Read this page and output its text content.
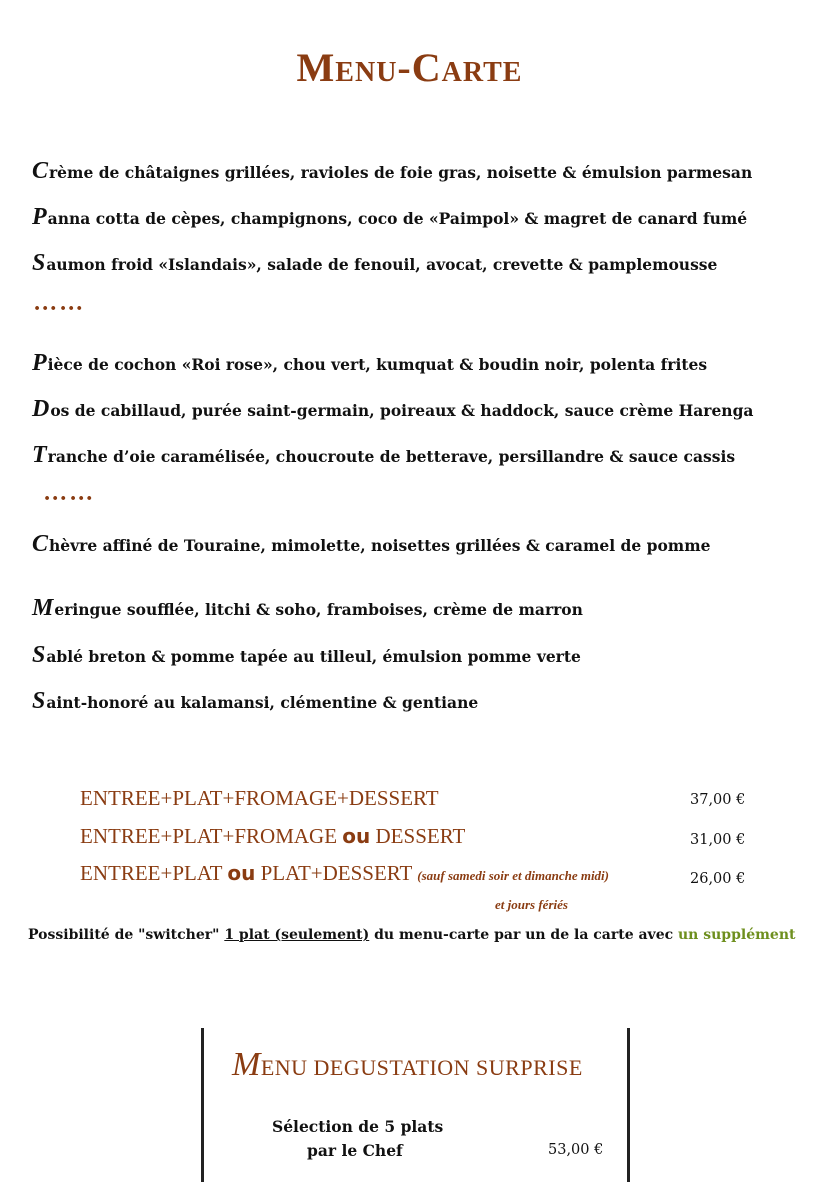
Menu-Carte
Crème de châtaignes grillées, ravioles de foie gras, noisette & émulsion parmesan
Panna cotta de cèpes, champignons, coco de «Paimpol» & magret de canard fumé
Saumon froid «Islandais», salade de fenouil, avocat, crevette & pamplemousse
……
Pièce de cochon «Roi rose», chou vert, kumquat & boudin noir, polenta frites
Dos de cabillaud, purée saint-germain, poireaux & haddock, sauce crème Harenga
Tranche d’oie caramélisée, choucroute de betterave, persillandre & sauce cassis
……
Chèvre affiné de Touraine, mimolette, noisettes grillées & caramel de pomme
Meringue soufflée, litchi & soho, framboises, crème de marron
Sablé breton & pomme tapée au tilleul, émulsion pomme verte
Saint-honoré au kalamansi, clémentine & gentiane
ENTREE+PLAT+FROMAGE+DESSERT	37,00 €
ENTREE+PLAT+FROMAGE ou DESSERT	31,00 €
ENTREE+PLAT ou PLAT+DESSERT (sauf samedi soir et dimanche midi)	26,00 €
et jours fériés
Possibilité de "switcher" 1 plat (seulement) du menu-carte par un de la carte avec un supplément
MENU DEGUSTATION SURPRISE
Sélection de 5 plats
par le Chef	53,00 €
